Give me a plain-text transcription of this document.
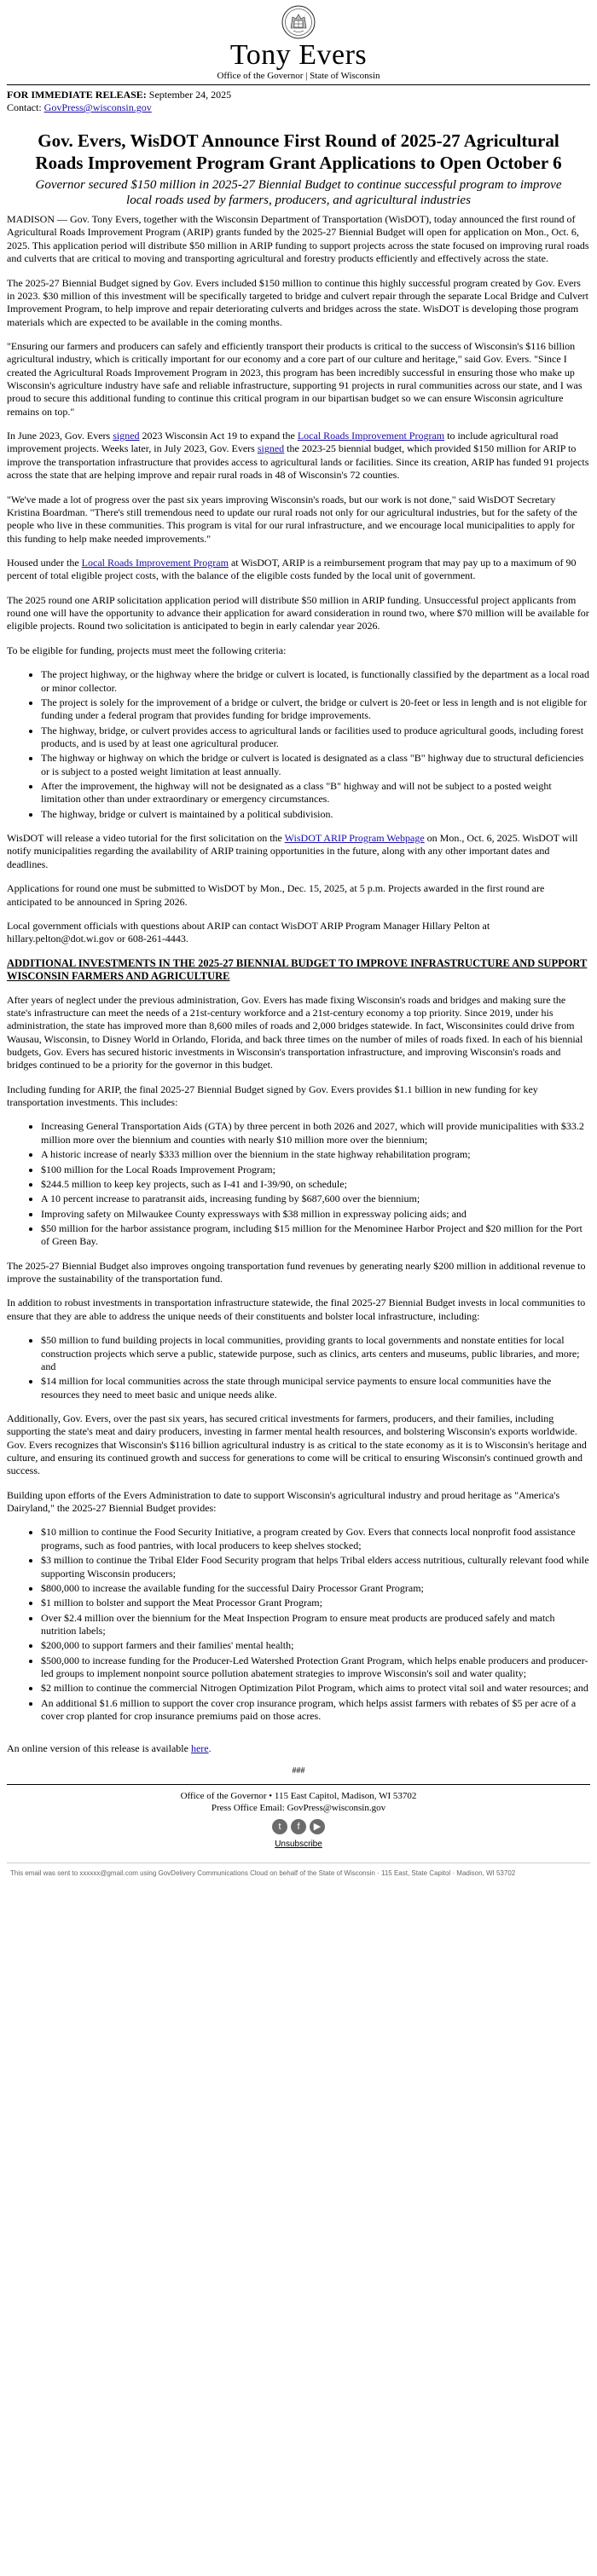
Tony Evers
Office of the Governor | State of Wisconsin
FOR IMMEDIATE RELEASE: September 24, 2025
Contact: GovPress@wisconsin.gov
Gov. Evers, WisDOT Announce First Round of 2025-27 Agricultural Roads Improvement Program Grant Applications to Open October 6
Governor secured $150 million in 2025-27 Biennial Budget to continue successful program to improve local roads used by farmers, producers, and agricultural industries

MADISON — Gov. Tony Evers, together with the Wisconsin Department of Transportation (WisDOT), today announced the first round of Agricultural Roads Improvement Program (ARIP) grants funded by the 2025-27 Biennial Budget will open for application on Mon., Oct. 6, 2025. This application period will distribute $50 million in ARIP funding to support projects across the state focused on improving rural roads and culverts that are critical to moving and transporting agricultural and forestry products efficiently and effectively across the state.

The 2025-27 Biennial Budget signed by Gov. Evers included $150 million to continue this highly successful program created by Gov. Evers in 2023. $30 million of this investment will be specifically targeted to bridge and culvert repair through the separate Local Bridge and Culvert Improvement Program, to help improve and repair deteriorating culverts and bridges across the state. WisDOT is developing those program materials which are expected to be available in the coming months.

"Ensuring our farmers and producers can safely and efficiently transport their products is critical to the success of Wisconsin's $116 billion agricultural industry, which is critically important for our economy and a core part of our culture and heritage," said Gov. Evers. "Since I created the Agricultural Roads Improvement Program in 2023, this program has been incredibly successful in ensuring those who make up Wisconsin's agriculture industry have safe and reliable infrastructure, supporting 91 projects in rural communities across our state, and I was proud to secure this additional funding to continue this critical program in our bipartisan budget so we can ensure Wisconsin agriculture remains on top."

In June 2023, Gov. Evers signed 2023 Wisconsin Act 19 to expand the Local Roads Improvement Program to include agricultural road improvement projects. Weeks later, in July 2023, Gov. Evers signed the 2023-25 biennial budget, which provided $150 million for ARIP to improve the transportation infrastructure that provides access to agricultural lands or facilities. Since its creation, ARIP has funded 91 projects across the state that are helping improve and repair rural roads in 48 of Wisconsin's 72 counties.

"We've made a lot of progress over the past six years improving Wisconsin's roads, but our work is not done," said WisDOT Secretary Kristina Boardman. "There's still tremendous need to update our rural roads not only for our agricultural industries, but for the safety of the people who live in these communities. This program is vital for our rural infrastructure, and we encourage local municipalities to apply for this funding to help make needed improvements."

Housed under the Local Roads Improvement Program at WisDOT, ARIP is a reimbursement program that may pay up to a maximum of 90 percent of total eligible project costs, with the balance of the eligible costs funded by the local unit of government.

The 2025 round one ARIP solicitation application period will distribute $50 million in ARIP funding. Unsuccessful project applicants from round one will have the opportunity to advance their application for award consideration in round two, where $70 million will be available for eligible projects. Round two solicitation is anticipated to begin in early calendar year 2026.

To be eligible for funding, projects must meet the following criteria:

• The project highway, or the highway where the bridge or culvert is located, is functionally classified by the department as a local road or minor collector.
• The project is solely for the improvement of a bridge or culvert, the bridge or culvert is 20-feet or less in length and is not eligible for funding under a federal program that provides funding for bridge improvements.
• The highway, bridge, or culvert provides access to agricultural lands or facilities used to produce agricultural goods, including forest products, and is used by at least one agricultural producer.
• The highway or highway on which the bridge or culvert is located is designated as a class "B" highway due to structural deficiencies or is subject to a posted weight limitation at least annually.
• After the improvement, the highway will not be designated as a class "B" highway and will not be subject to a posted weight limitation other than under extraordinary or emergency circumstances.
• The highway, bridge or culvert is maintained by a political subdivision.

WisDOT will release a video tutorial for the first solicitation on the WisDOT ARIP Program Webpage on Mon., Oct. 6, 2025. WisDOT will notify municipalities regarding the availability of ARIP training opportunities in the future, along with any other important dates and deadlines.

Applications for round one must be submitted to WisDOT by Mon., Dec. 15, 2025, at 5 p.m. Projects awarded in the first round are anticipated to be announced in Spring 2026.

Local government officials with questions about ARIP can contact WisDOT ARIP Program Manager Hillary Pelton at hillary.pelton@dot.wi.gov or 608-261-4443.

ADDITIONAL INVESTMENTS IN THE 2025-27 BIENNIAL BUDGET TO IMPROVE INFRASTRUCTURE AND SUPPORT WISCONSIN FARMERS AND AGRICULTURE

After years of neglect under the previous administration, Gov. Evers has made fixing Wisconsin's roads and bridges and making sure the state's infrastructure can meet the needs of a 21st-century workforce and a 21st-century economy a top priority. Since 2019, under his administration, the state has improved more than 8,600 miles of roads and 2,000 bridges statewide. In fact, Wisconsinites could drive from Wausau, Wisconsin, to Disney World in Orlando, Florida, and back three times on the number of miles of roads fixed. In each of his biennial budgets, Gov. Evers has secured historic investments in Wisconsin's transportation infrastructure, and improving Wisconsin's roads and bridges continued to be a priority for the governor in this budget.

Including funding for ARIP, the final 2025-27 Biennial Budget signed by Gov. Evers provides $1.1 billion in new funding for key transportation investments. This includes:

• Increasing General Transportation Aids (GTA) by three percent in both 2026 and 2027, which will provide municipalities with $33.2 million more over the biennium and counties with nearly $10 million more over the biennium;
• A historic increase of nearly $333 million over the biennium in the state highway rehabilitation program;
• $100 million for the Local Roads Improvement Program;
• $244.5 million to keep key projects, such as I-41 and I-39/90, on schedule;
• A 10 percent increase to paratransit aids, increasing funding by $687,600 over the biennium;
• Improving safety on Milwaukee County expressways with $38 million in expressway policing aids; and
• $50 million for the harbor assistance program, including $15 million for the Menominee Harbor Project and $20 million for the Port of Green Bay.

The 2025-27 Biennial Budget also improves ongoing transportation fund revenues by generating nearly $200 million in additional revenue to improve the sustainability of the transportation fund.

In addition to robust investments in transportation infrastructure statewide, the final 2025-27 Biennial Budget invests in local communities to ensure that they are able to address the unique needs of their constituents and bolster local infrastructure, including:

• $50 million to fund building projects in local communities, providing grants to local governments and nonstate entities for local construction projects which serve a public, statewide purpose, such as clinics, arts centers and museums, public libraries, and more; and
• $14 million for local communities across the state through municipal service payments to ensure local communities have the resources they need to meet basic and unique needs alike.

Additionally, Gov. Evers, over the past six years, has secured critical investments for farmers, producers, and their families, including supporting the state's meat and dairy producers, investing in farmer mental health resources, and bolstering Wisconsin's exports worldwide. Gov. Evers recognizes that Wisconsin's $116 billion agricultural industry is as critical to the state economy as it is to Wisconsin's heritage and culture, and ensuring its continued growth and success for generations to come will be critical to ensuring Wisconsin's continued growth and success.

Building upon efforts of the Evers Administration to date to support Wisconsin's agricultural industry and proud heritage as "America's Dairyland," the 2025-27 Biennial Budget provides:

• $10 million to continue the Food Security Initiative, a program created by Gov. Evers that connects local nonprofit food assistance programs, such as food pantries, with local producers to keep shelves stocked;
• $3 million to continue the Tribal Elder Food Security program that helps Tribal elders access nutritious, culturally relevant food while supporting Wisconsin producers;
• $800,000 to increase the available funding for the successful Dairy Processor Grant Program;
• $1 million to bolster and support the Meat Processor Grant Program;
• Over $2.4 million over the biennium for the Meat Inspection Program to ensure meat products are produced safely and match nutrition labels;
• $200,000 to support farmers and their families' mental health;
• $500,000 to increase funding for the Producer-Led Watershed Protection Grant Program, which helps enable producers and producer-led groups to implement nonpoint source pollution abatement strategies to improve Wisconsin's soil and water quality;
• $2 million to continue the commercial Nitrogen Optimization Pilot Program, which aims to protect vital soil and water resources; and
• An additional $1.6 million to support the cover crop insurance program, which helps assist farmers with rebates of $5 per acre of a cover crop planted for crop insurance premiums paid on those acres.

An online version of this release is available here.

###
Office of the Governor • 115 East Capitol, Madison, WI 53702
Press Office Email: GovPress@wisconsin.gov
t	f	▶
Unsubscribe
This email was sent to xxxxxx@gmail.com using GovDelivery Communications Cloud on behalf of the State of Wisconsin · 115 East, State Capitol · Madison, WI 53702
